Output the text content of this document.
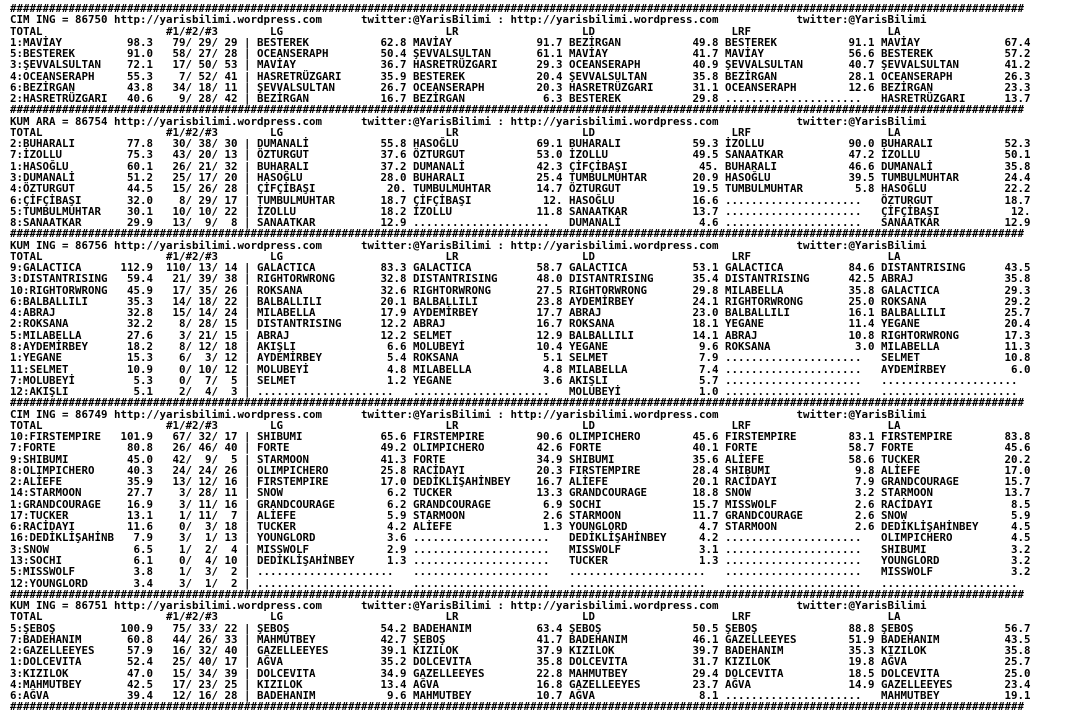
############################################################################################################################################################
CIM ING = 86750 http://yarisbilimi.wordpress.com	twitter:@YarisBilimi : http://yarisbilimi.wordpress.com	twitter:@YarisBilimi
TOTAL	#1/#2/#3	LG	LR	LD	LRF	LA
1:MAVİAY	98.3 79/ 29/ 29 | BESTEREK	62.8 MAVİAY	91.7 BEZİRGAN	49.8 BESTEREK	91.1 MAVİAY	67.4
5:BESTEREK	91.0 58/ 27/ 28 | OCEANSERAPH	50.4 ŞEVVALSULTAN	61.1 MAVİAY	41.7 MAVİAY	56.6 BESTEREK	57.2
3:ŞEVVALSULTAN 72.1 17/ 50/ 53 | MAVİAY	36.7 HASRETRÜZGARI	29.3 OCEANSERAPH	40.9 ŞEVVALSULTAN	40.7 ŞEVVALSULTAN	41.2
4:OCEANSERAPH	55.3 7/ 52/ 41 | HASRETRÜZGARI	35.9 BESTEREK	20.4 ŞEVVALSULTAN	35.8 BEZİRGAN	28.1 OCEANSERAPH	26.3
6:BEZİRGAN	43.8 34/ 18/ 11 | ŞEVVALSULTAN	26.7 OCEANSERAPH	20.3 HASRETRÜZGARI	31.1 OCEANSERAPH	12.6 BEZİRGAN	23.3
2:HASRETRÜZGARI 40.6 9/ 28/ 42 | BEZİRGAN	16.7 BEZİRGAN	6.3 BESTEREK	29.8 ..................... HASRETRÜZGARI	13.7
############################################################################################################################################################
KUM ARA = 86754 http://yarisbilimi.wordpress.com	twitter:@YarisBilimi : http://yarisbilimi.wordpress.com	twitter:@YarisBilimi
TOTAL	#1/#2/#3	LG	LR	LD	LRF	LA
2:BUHARALI	77.8 30/ 38/ 30 | DUMANALİ	55.8 HASOĞLU	69.1 BUHARALI	59.3 İZOLLU	90.0 BUHARALI	52.3
7:İZOLLU	75.3 43/ 20/ 13 | ÖZTURGUT	37.6 ÖZTURGUT	53.0 İZOLLU	49.5 SANAATKAR	47.2 İZOLLU	50.1
1:HASOĞLU	60.1 26/ 21/ 32 | BUHARALI	37.2 DUMANALİ	42.3 ÇİFÇİBAŞI	45. BUHARALI	46.6 DUMANALİ	35.8
3:DUMANALİ	51.2 25/ 17/ 20 | HASOĞLU	28.0 BUHARALI	25.4 TUMBULMUHTAR	20.9 HASOĞLU	39.5 TUMBULMUHTAR	24.4
4:ÖZTURGUT	44.5 15/ 26/ 28 | ÇİFÇİBAŞI	20. TUMBULMUHTAR	14.7 ÖZTURGUT	19.5 TUMBULMUHTAR	5.8 HASOĞLU	22.2
6:ÇİFÇİBAŞI	32.0 8/ 29/ 17 | TUMBULMUHTAR	18.7 ÇİFÇİBAŞI	12. HASOĞLU	16.6 ..................... ÖZTURGUT	18.7
5:TUMBULMUHTAR 30.1 10/ 10/ 22 | İZOLLU	18.2 İZOLLU	11.8 SANAATKAR	13.7 ..................... ÇİFÇİBAŞI	12.
8:SANAATKAR	29.9 13/ 9/ 8 | SANAATKAR	12.9 ..................... DUMANALİ	4.6 ..................... SANAATKAR	12.9
############################################################################################################################################################
KUM ING = 86756 http://yarisbilimi.wordpress.com	twitter:@YarisBilimi : http://yarisbilimi.wordpress.com	twitter:@YarisBilimi
TOTAL	#1/#2/#3	LG	LR	LD	LRF	LA
9:GALACTICA	112.9 110/ 13/ 14 | GALACTICA	83.3 GALACTICA	58.7 GALACTICA	53.1 GALACTICA	84.6 DISTANTRISING	43.5
3:DISTANTRISING 59.4 21/ 39/ 38 | RIGHTORWRONG	32.8 DISTANTRISING	48.0 DISTANTRISING	35.4 DISTANTRISING	42.5 ABRAJ	35.8
10:RIGHTORWRONG 45.9 17/ 35/ 26 | ROKSANA	32.6 RIGHTORWRONG	27.5 RIGHTORWRONG	29.8 MILABELLA	35.8 GALACTICA	29.3
6:BALBALLILI	35.3 14/ 18/ 22 | BALBALLILI	20.1 BALBALLILI	23.8 AYDEMİRBEY	24.1 RIGHTORWRONG	25.0 ROKSANA	29.2
4:ABRAJ	32.8 15/ 14/ 24 | MILABELLA	17.9 AYDEMİRBEY	17.7 ABRAJ	23.0 BALBALLILI	16.1 BALBALLILI	25.7
2:ROKSANA	32.2 8/ 28/ 15 | DISTANTRISING	12.2 ABRAJ	16.7 ROKSANA	18.1 YEGANE	11.4 YEGANE	20.4
5:MILABELLA	27.6 3/ 21/ 15 | ABRAJ	12.2 SELMET	12.9 BALBALLILI	14.1 ABRAJ	10.8 RIGHTORWRONG	17.3
8:AYDEMİRBEY	18.2 8/ 12/ 18 | AKIŞLI	6.6 MOLUBEYİ	10.4 YEGANE	9.6 ROKSANA	3.0 MILABELLA	11.3
1:YEGANE	15.3 6/ 3/ 12 | AYDEMİRBEY	5.4 ROKSANA	5.1 SELMET	7.9 ..................... SELMET	10.8
11:SELMET	10.9 0/ 10/ 12 | MOLUBEYİ	4.8 MILABELLA	4.8 MILABELLA	7.4 ..................... AYDEMİRBEY	6.0
7:MOLUBEYİ	5.3 0/ 7/ 5 | SELMET	1.2 YEGANE	3.6 AKIŞLI	5.7 ..................... .....................
12:AKIŞLI	5.1 2/ 4/ 3 | ..................... ..................... MOLUBEYİ	1.0 ..................... .....................
############################################################################################################################################################
CIM ING = 86749 http://yarisbilimi.wordpress.com	twitter:@YarisBilimi : http://yarisbilimi.wordpress.com	twitter:@YarisBilimi
TOTAL	#1/#2/#3	LG	LR	LD	LRF	LA
10:FIRSTEMPIRE 101.9 67/ 32/ 17 | SHIBUMI	65.6 FIRSTEMPIRE	90.6 OLIMPICHERO	45.6 FIRSTEMPIRE	83.1 FIRSTEMPIRE	83.8
7:FORTE	80.8 26/ 46/ 40 | FORTE	49.2 OLIMPICHERO	42.6 FORTE	40.1 FORTE	58.7 FORTE	45.6
9:SHIBUMI	45.0 42/ 9/ 5 | STARMOON	41.3 FORTE	34.9 SHIBUMI	35.6 ALİEFE	58.6 TUCKER	20.2
8:OLIMPICHERO	40.3 24/ 24/ 26 | OLIMPICHERO	25.8 RACİDAYI	20.3 FIRSTEMPIRE	28.4 SHIBUMI	9.8 ALİEFE	17.0
2:ALİEFE	35.9 13/ 12/ 16 | FIRSTEMPIRE	17.0 DEDİKLİŞAHİNBEY 16.7 ALİEFE	20.1 RACİDAYI	7.9 GRANDCOURAGE	15.7
14:STARMOON	27.7 3/ 28/ 11 | SNOW	6.2 TUCKER	13.3 GRANDCOURAGE	18.8 SNOW	3.2 STARMOON	13.7
1:GRANDCOURAGE 16.9 3/ 11/ 16 | GRANDCOURAGE	6.2 GRANDCOURAGE	6.9 SOCHI	15.7 MISSWOLF	2.6 RACİDAYI	8.5
17:TUCKER	13.1 1/ 11/ 7 | ALİEFE	5.9 STARMOON	2.6 STARMOON	11.7 GRANDCOURAGE	2.6 SNOW	5.9
6:RACİDAYI	11.6 0/ 3/ 18 | TUCKER	4.2 ALİEFE	1.3 YOUNGLORD	4.7 STARMOON	2.6 DEDİKLİŞAHİNBEY	4.5
16:DEDİKLİŞAHİNB 7.9 3/ 1/ 13 | YOUNGLORD	3.6 ..................... DEDİKLİŞAHİNBEY	4.2 ..................... OLIMPICHERO	4.5
3:SNOW	6.5 1/ 2/ 4 | MISSWOLF	2.9 ..................... MISSWOLF	3.1 ..................... SHIBUMI	3.2
13:SOCHI	6.1 0/ 4/ 10 | DEDİKLİŞAHİNBEY	1.3 ..................... TUCKER	1.3 ..................... YOUNGLORD	3.2
5:MISSWOLF	3.8 1/ 3/ 2 | ..................... ..................... ..................... ..................... MISSWOLF	3.2
12:YOUNGLORD	3.4 3/ 1/ 2 | ..................... ..................... ..................... ..................... .....................
############################################################################################################################################################
KUM ING = 86751 http://yarisbilimi.wordpress.com	twitter:@YarisBilimi : http://yarisbilimi.wordpress.com	twitter:@YarisBilimi
TOTAL	#1/#2/#3	LG	LR	LD	LRF	LA
5:ŞEBOŞ	100.9 75/ 33/ 22 | ŞEBOŞ	54.2 BADEHANIM	63.4 ŞEBOŞ	50.5 ŞEBOŞ	88.8 ŞEBOŞ	56.7
7:BADEHANIM	60.8 44/ 26/ 33 | MAHMUTBEY	42.7 ŞEBOŞ	41.7 BADEHANIM	46.1 GAZELLEEYES	51.9 BADEHANIM	43.5
2:GAZELLEEYES	57.9 16/ 32/ 40 | GAZELLEEYES	39.1 KIZILOK	37.9 KIZILOK	39.7 BADEHANIM	35.3 KIZILOK	35.8
1:DOLCEVITA	52.4 25/ 40/ 17 | AĞVA	35.2 DOLCEVITA	35.8 DOLCEVITA	31.7 KIZILOK	19.8 AĞVA	25.7
3:KIZILOK	47.0 15/ 34/ 39 | DOLCEVITA	34.9 GAZELLEEYES	22.8 MAHMUTBEY	29.4 DOLCEVITA	18.5 DOLCEVITA	25.0
4:MAHMUTBEY	42.5 17/ 23/ 25 | KIZILOK	13.4 AĞVA	16.8 GAZELLEEYES	23.7 AĞVA	14.9 GAZELLEEYES	23.4
6:AĞVA	39.4 12/ 16/ 28 | BADEHANIM	9.6 MAHMUTBEY	10.7 AĞVA	8.1 ..................... MAHMUTBEY	19.1
############################################################################################################################################################
